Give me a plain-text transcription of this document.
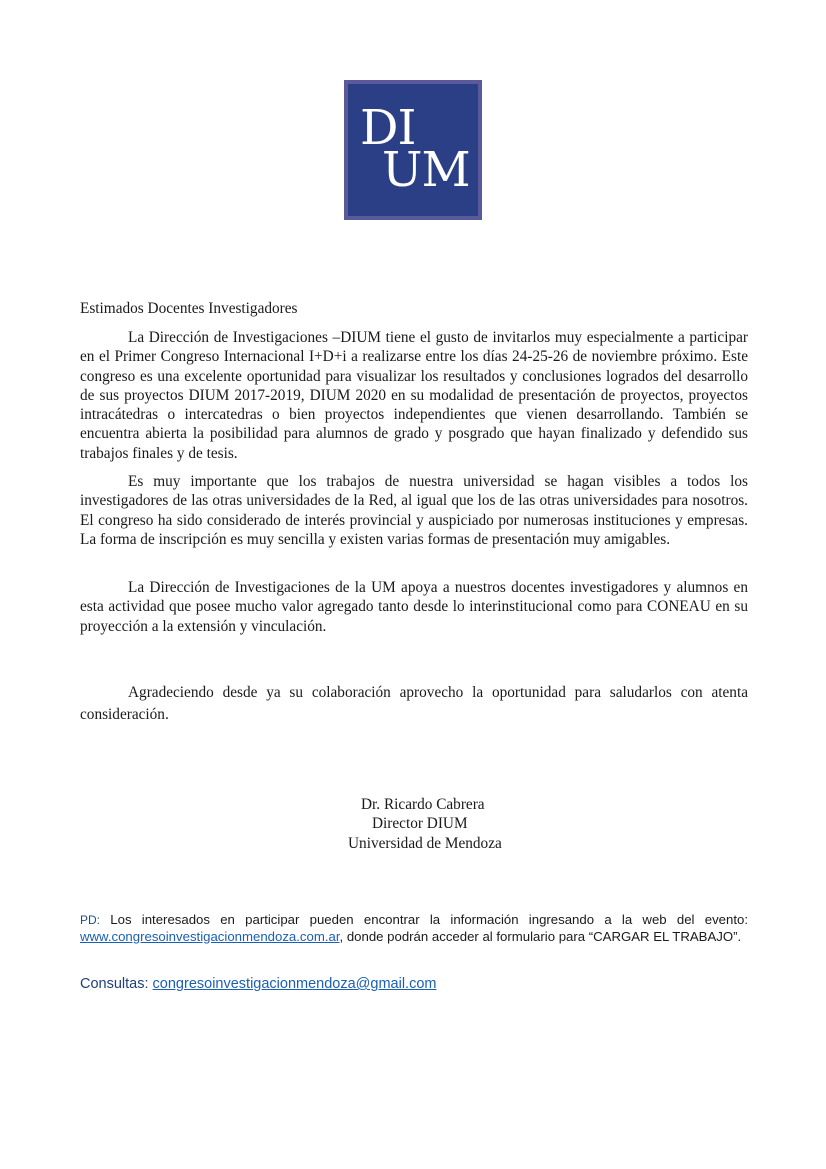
DI
UM

Estimados Docentes Investigadores

La Dirección de Investigaciones –DIUM tiene el gusto de invitarlos muy especialmente a participar en el Primer Congreso Internacional I+D+i a realizarse entre los días 24-25-26 de noviembre próximo. Este congreso es una excelente oportunidad para visualizar los resultados y conclusiones logrados del desarrollo de sus proyectos DIUM 2017-2019, DIUM 2020 en su modalidad de presentación de proyectos, proyectos intracátedras o intercatedras o bien proyectos independientes que vienen desarrollando. También se encuentra abierta la posibilidad para alumnos de grado y posgrado que hayan finalizado y defendido sus trabajos finales y de tesis.

Es muy importante que los trabajos de nuestra universidad se hagan visibles a todos los investigadores de las otras universidades de la Red, al igual que los de las otras universidades para nosotros. El congreso ha sido considerado de interés provincial y auspiciado por numerosas instituciones y empresas. La forma de inscripción es muy sencilla y existen varias formas de presentación muy amigables.

La Dirección de Investigaciones de la UM apoya a nuestros docentes investigadores y alumnos en esta actividad que posee mucho valor agregado tanto desde lo interinstitucional como para CONEAU en su proyección a la extensión y vinculación.

Agradeciendo desde ya su colaboración aprovecho la oportunidad para saludarlos con atenta consideración.

Dr. Ricardo Cabrera
Director DIUM
Universidad de Mendoza

PD: Los interesados en participar pueden encontrar la información ingresando a la web del evento: www.congresoinvestigacionmendoza.com.ar, donde podrán acceder al formulario para “CARGAR EL TRABAJO”.

Consultas: congresoinvestigacionmendoza@gmail.com
